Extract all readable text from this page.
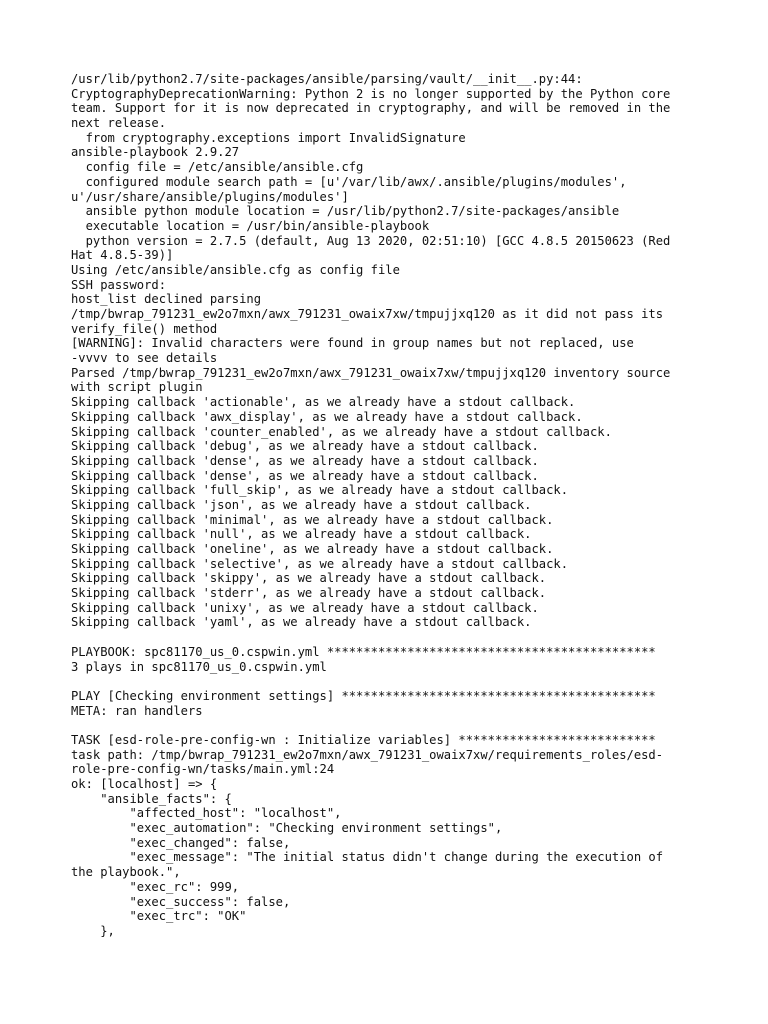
/usr/lib/python2.7/site-packages/ansible/parsing/vault/__init__.py:44:
CryptographyDeprecationWarning: Python 2 is no longer supported by the Python core
team. Support for it is now deprecated in cryptography, and will be removed in the
next release.
from cryptography.exceptions import InvalidSignature
ansible-playbook 2.9.27
config file = /etc/ansible/ansible.cfg
configured module search path = [u'/var/lib/awx/.ansible/plugins/modules',
u'/usr/share/ansible/plugins/modules']
ansible python module location = /usr/lib/python2.7/site-packages/ansible
executable location = /usr/bin/ansible-playbook
python version = 2.7.5 (default, Aug 13 2020, 02:51:10) [GCC 4.8.5 20150623 (Red
Hat 4.8.5-39)]
Using /etc/ansible/ansible.cfg as config file
SSH password:
host_list declined parsing
/tmp/bwrap_791231_ew2o7mxn/awx_791231_owaix7xw/tmpujjxq120 as it did not pass its
verify_file() method
[WARNING]: Invalid characters were found in group names but not replaced, use
-vvvv to see details
Parsed /tmp/bwrap_791231_ew2o7mxn/awx_791231_owaix7xw/tmpujjxq120 inventory source
with script plugin
Skipping callback 'actionable', as we already have a stdout callback.
Skipping callback 'awx_display', as we already have a stdout callback.
Skipping callback 'counter_enabled', as we already have a stdout callback.
Skipping callback 'debug', as we already have a stdout callback.
Skipping callback 'dense', as we already have a stdout callback.
Skipping callback 'dense', as we already have a stdout callback.
Skipping callback 'full_skip', as we already have a stdout callback.
Skipping callback 'json', as we already have a stdout callback.
Skipping callback 'minimal', as we already have a stdout callback.
Skipping callback 'null', as we already have a stdout callback.
Skipping callback 'oneline', as we already have a stdout callback.
Skipping callback 'selective', as we already have a stdout callback.
Skipping callback 'skippy', as we already have a stdout callback.
Skipping callback 'stderr', as we already have a stdout callback.
Skipping callback 'unixy', as we already have a stdout callback.
Skipping callback 'yaml', as we already have a stdout callback.
PLAYBOOK: spc81170_us_0.cspwin.yml *********************************************
3 plays in spc81170_us_0.cspwin.yml
PLAY [Checking environment settings] *******************************************
META: ran handlers
TASK [esd-role-pre-config-wn : Initialize variables] ***************************
task path: /tmp/bwrap_791231_ew2o7mxn/awx_791231_owaix7xw/requirements_roles/esd-
role-pre-config-wn/tasks/main.yml:24
ok: [localhost] => {
"ansible_facts": {
"affected_host": "localhost",
"exec_automation": "Checking environment settings",
"exec_changed": false,
"exec_message": "The initial status didn't change during the execution of
the playbook.",
"exec_rc": 999,
"exec_success": false,
"exec_trc": "OK"
},
